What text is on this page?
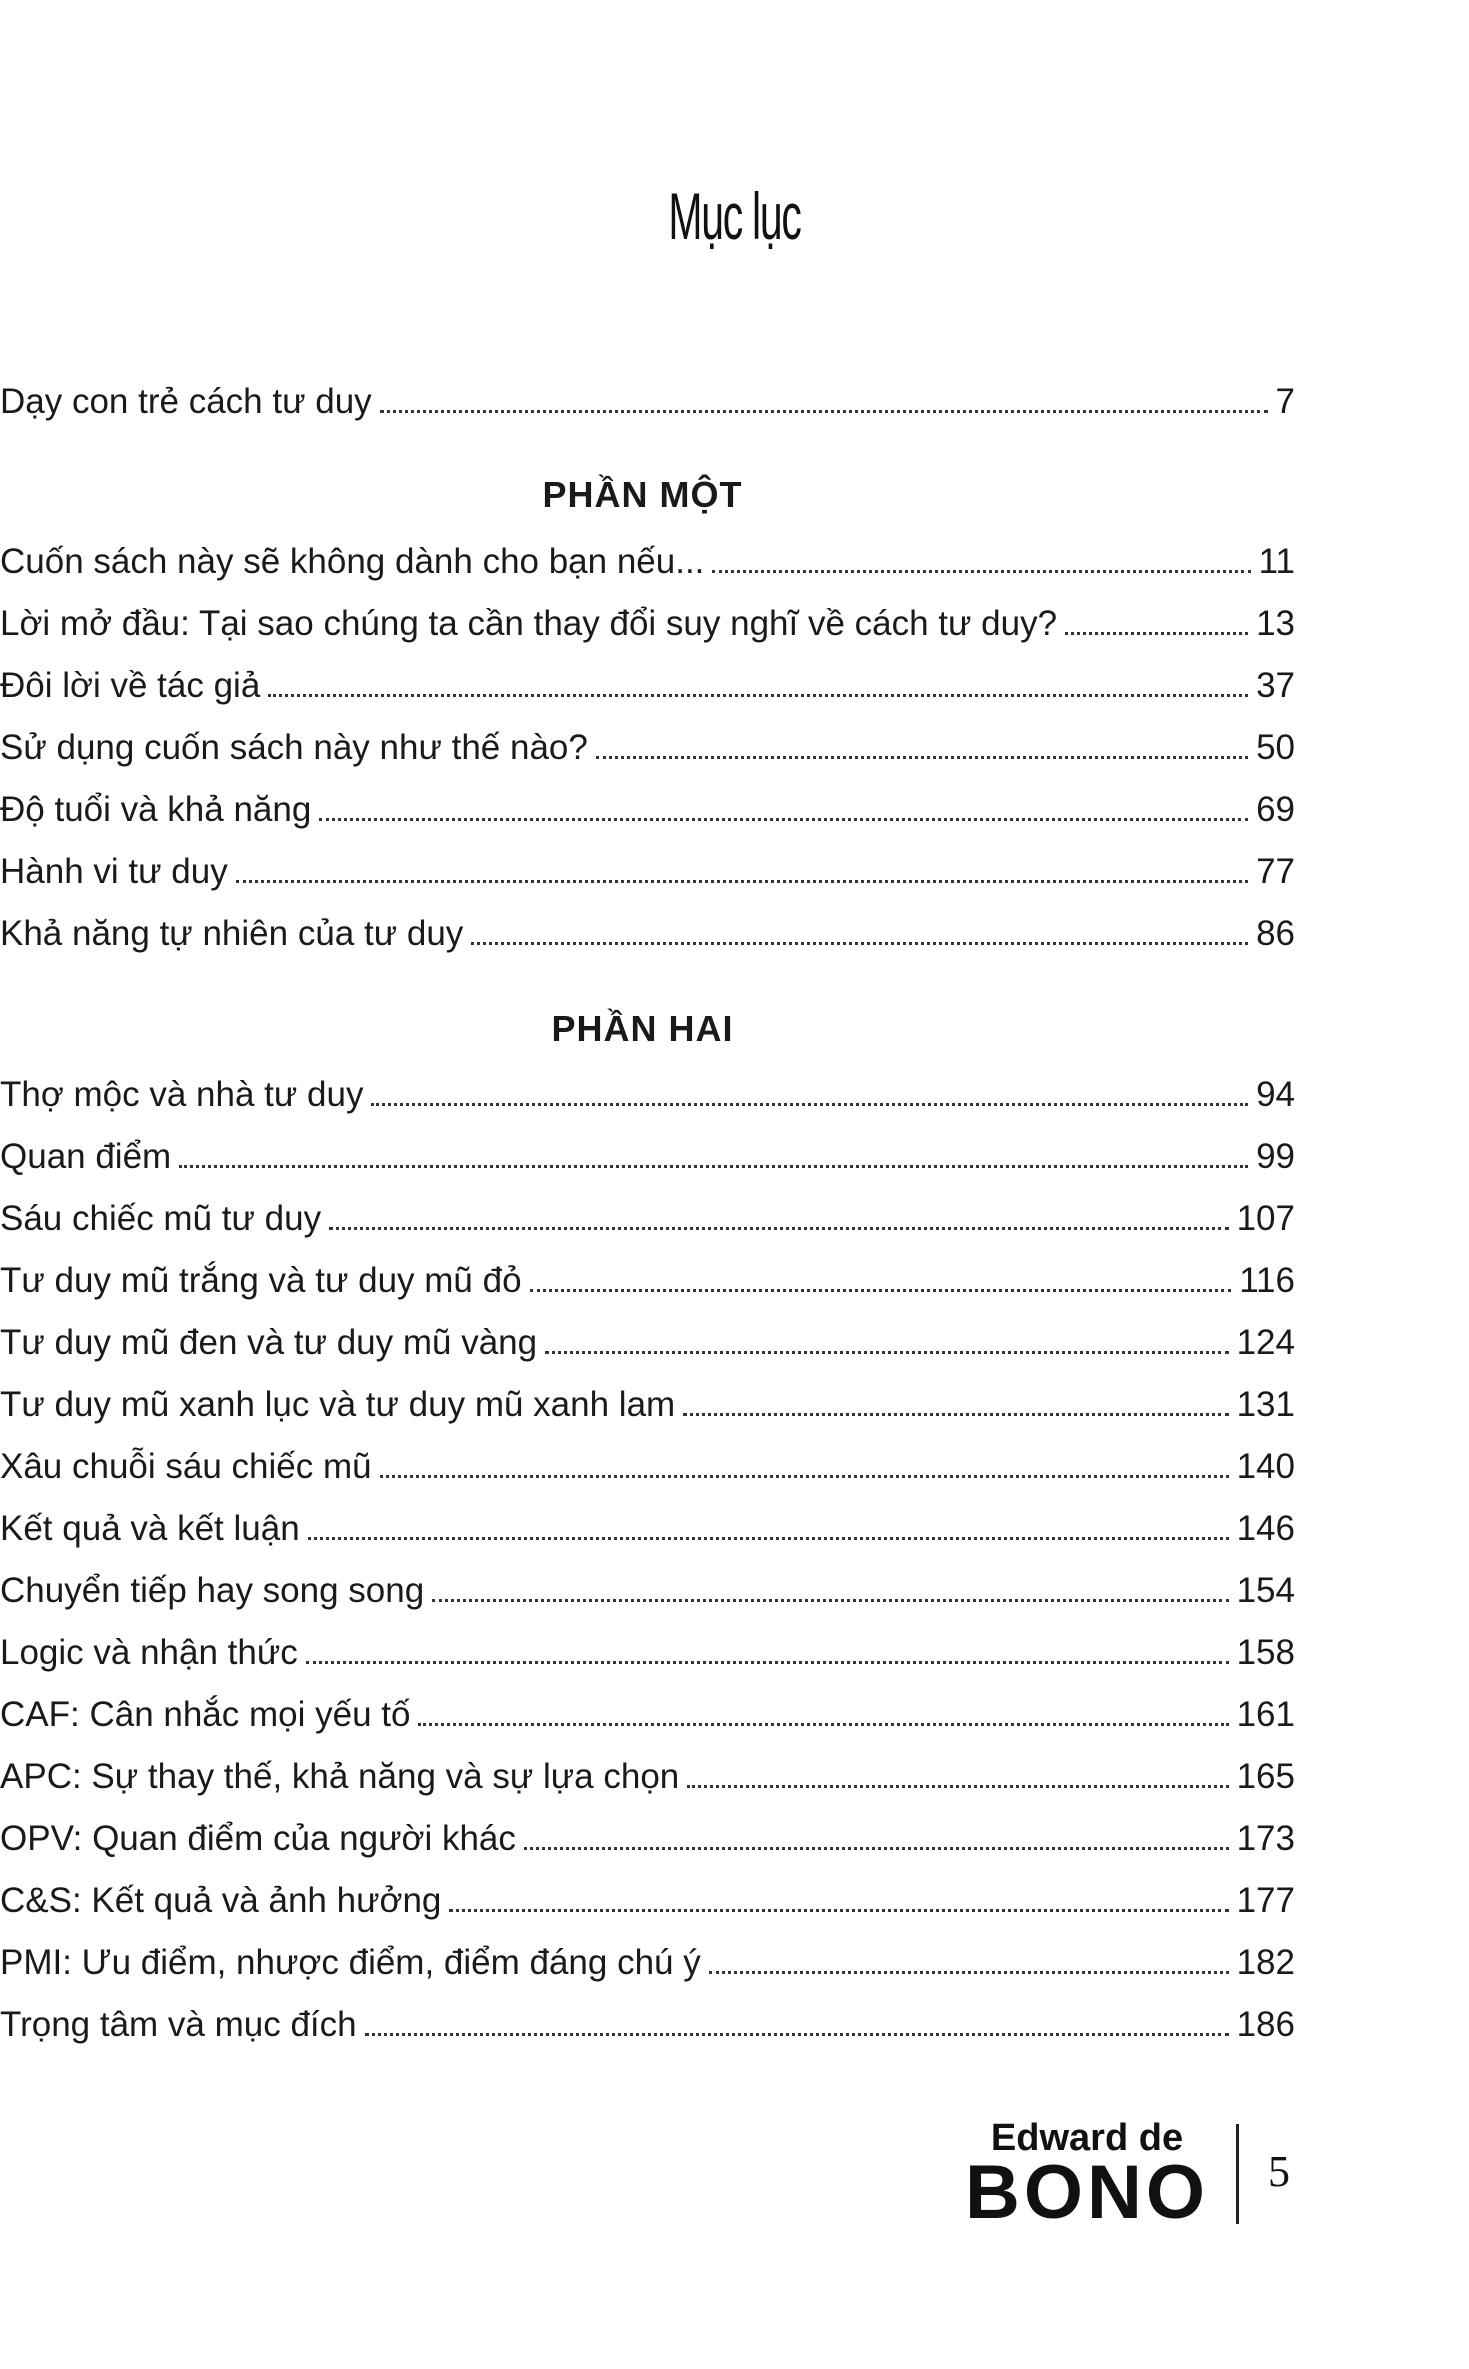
Mục lục
Dạy con trẻ cách tư duy	7
PHẦN MỘT
Cuốn sách này sẽ không dành cho bạn nếu...	11
Lời mở đầu: Tại sao chúng ta cần thay đổi suy nghĩ về cách tư duy?	13
Đôi lời về tác giả	37
Sử dụng cuốn sách này như thế nào?	50
Độ tuổi và khả năng	69
Hành vi tư duy	77
Khả năng tự nhiên của tư duy	86
PHẦN HAI
Thợ mộc và nhà tư duy	94
Quan điểm	99
Sáu chiếc mũ tư duy	107
Tư duy mũ trắng và tư duy mũ đỏ	116
Tư duy mũ đen và tư duy mũ vàng	124
Tư duy mũ xanh lục và tư duy mũ xanh lam	131
Xâu chuỗi sáu chiếc mũ	140
Kết quả và kết luận	146
Chuyển tiếp hay song song	154
Logic và nhận thức	158
CAF: Cân nhắc mọi yếu tố	161
APC: Sự thay thế, khả năng và sự lựa chọn	165
OPV: Quan điểm của người khác	173
C&S: Kết quả và ảnh hưởng	177
PMI: Ưu điểm, nhược điểm, điểm đáng chú ý	182
Trọng tâm và mục đích	186
Edward de
BONO 5
